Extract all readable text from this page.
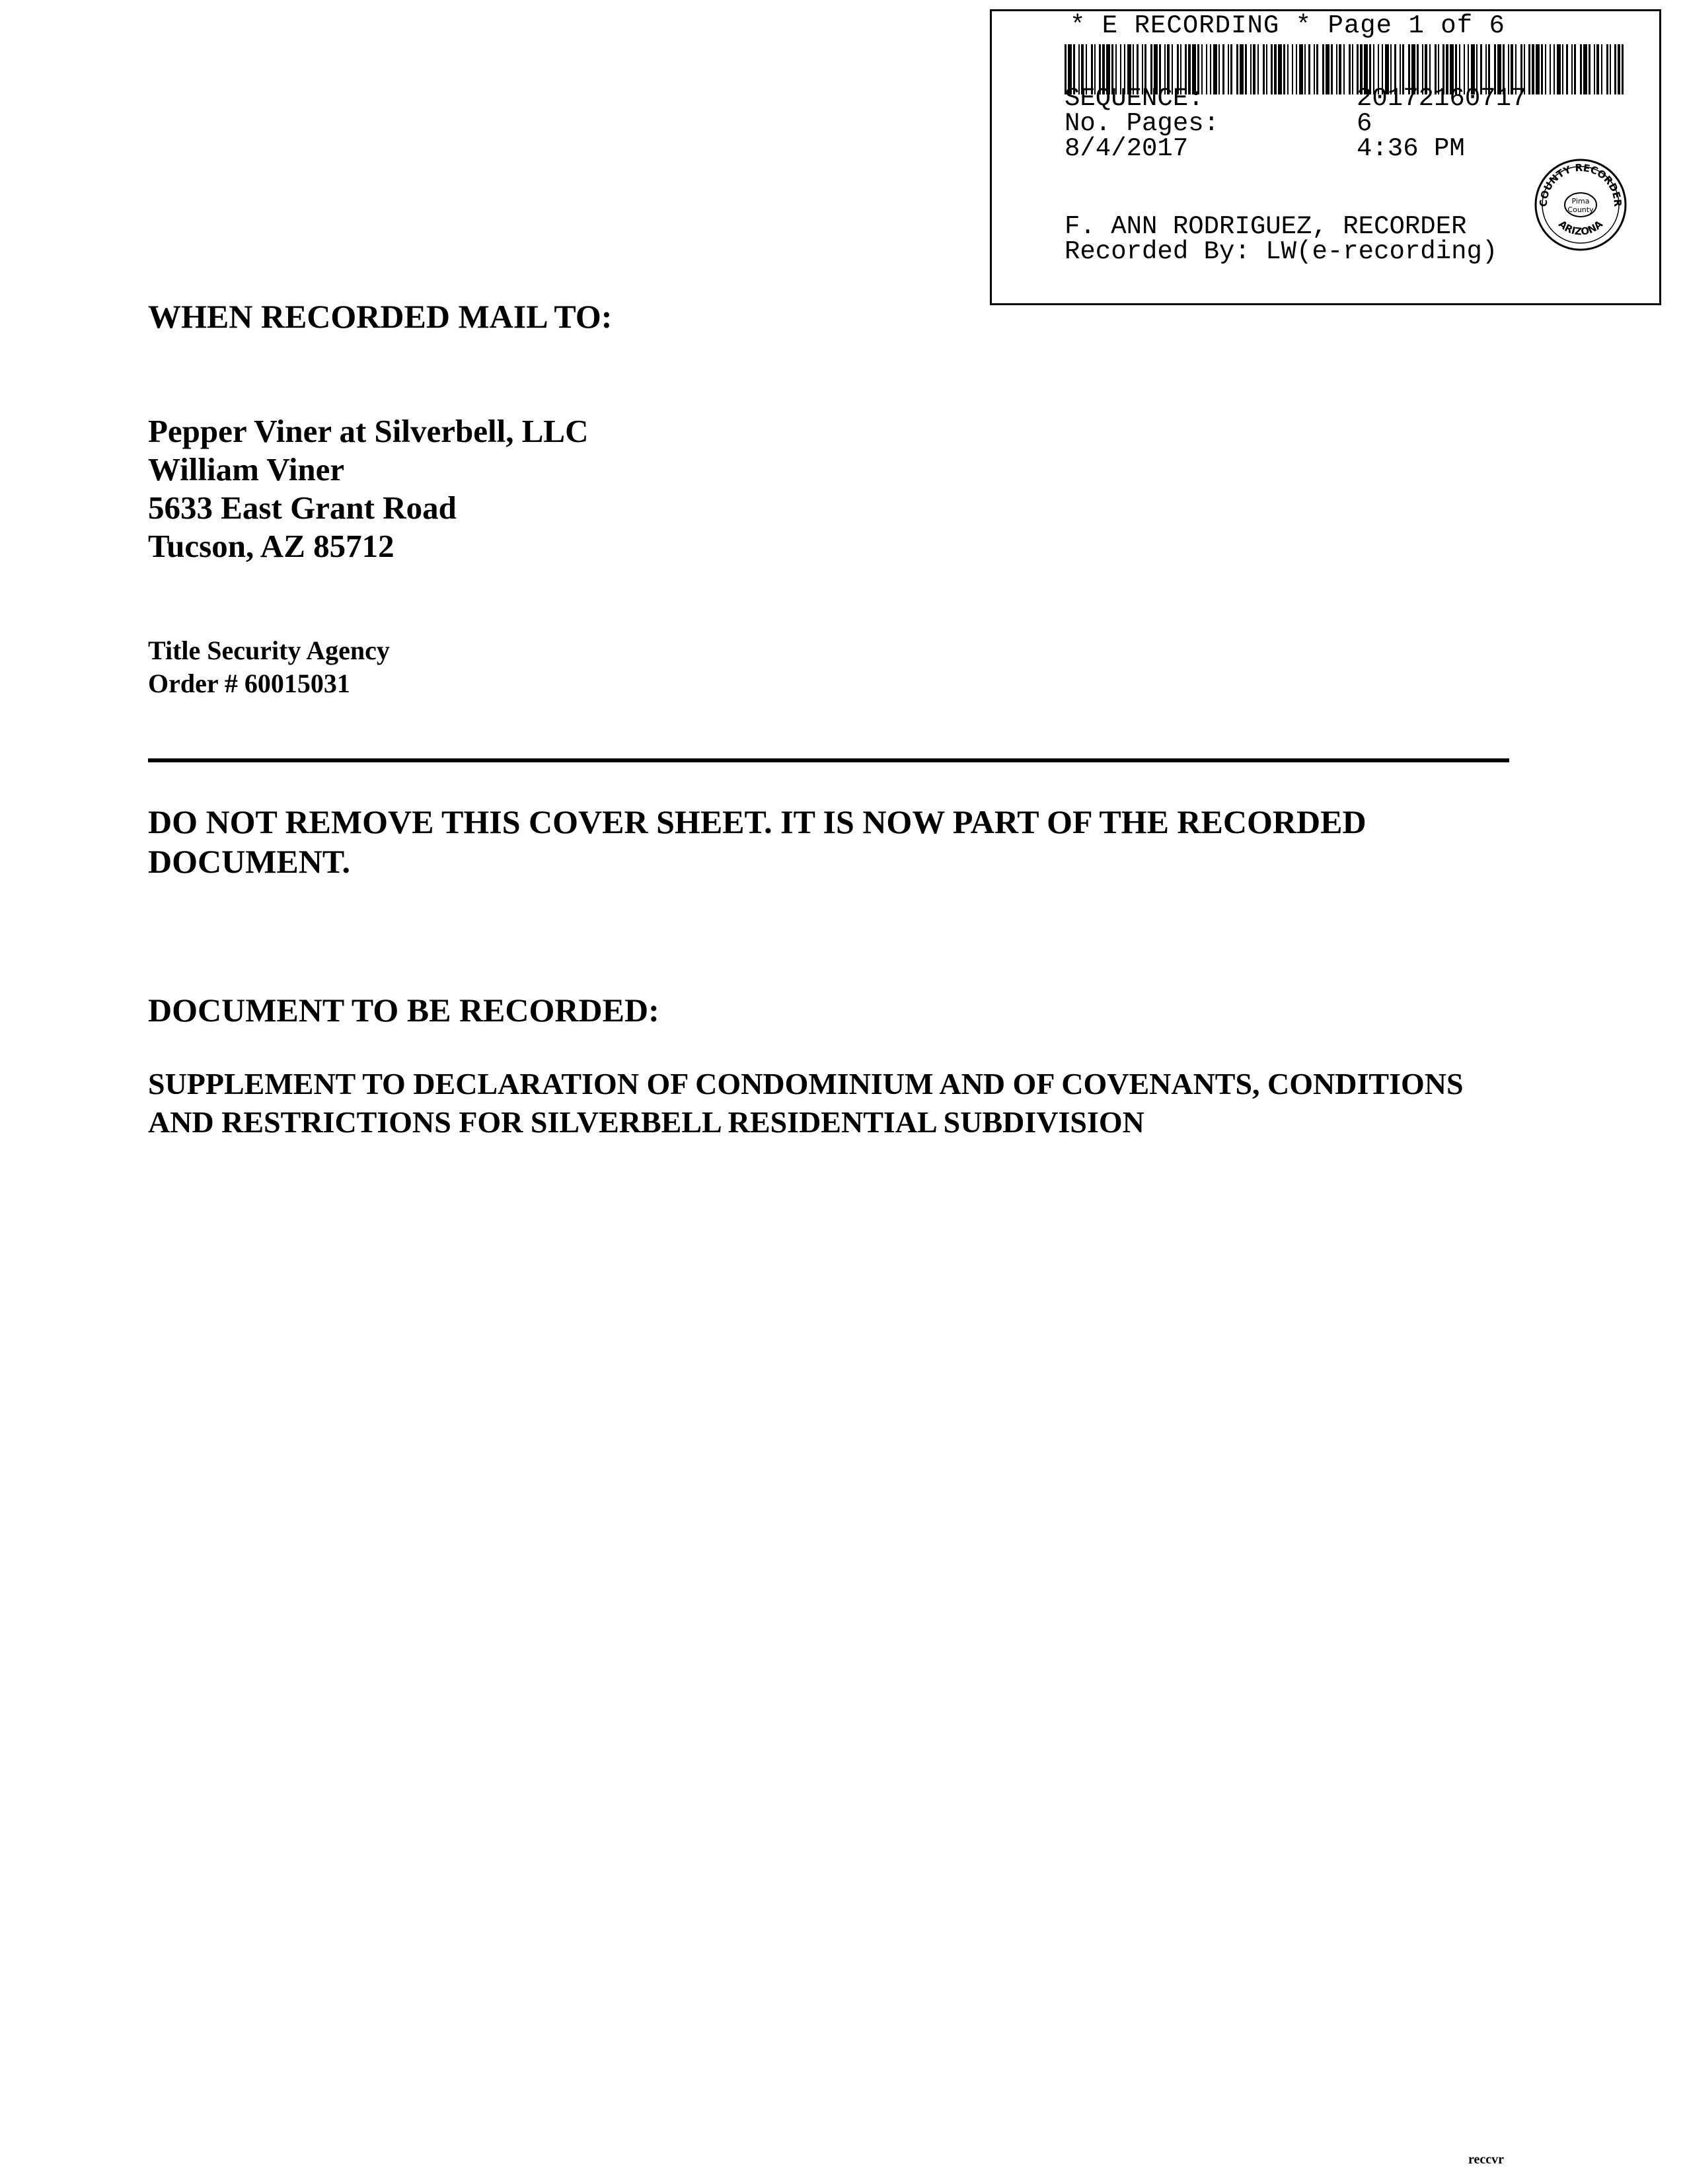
* E RECORDING * Page 1 of 6
SEQUENCE:	20172160717
No. Pages:	6
8/4/2017	4:36 PM
F. ANN RODRIGUEZ, RECORDER
Recorded By: LW(e-recording)
COUNTY RECORDER
ARIZONA
Pima
County
WHEN RECORDED MAIL TO:
Pepper Viner at Silverbell, LLC
William Viner
5633 East Grant Road
Tucson, AZ 85712
Title Security Agency
Order # 60015031
DO NOT REMOVE THIS COVER SHEET. IT IS NOW PART OF THE RECORDED
DOCUMENT.
DOCUMENT TO BE RECORDED:
SUPPLEMENT TO DECLARATION OF CONDOMINIUM AND OF COVENANTS, CONDITIONS
AND RESTRICTIONS FOR SILVERBELL RESIDENTIAL SUBDIVISION
reccvr
